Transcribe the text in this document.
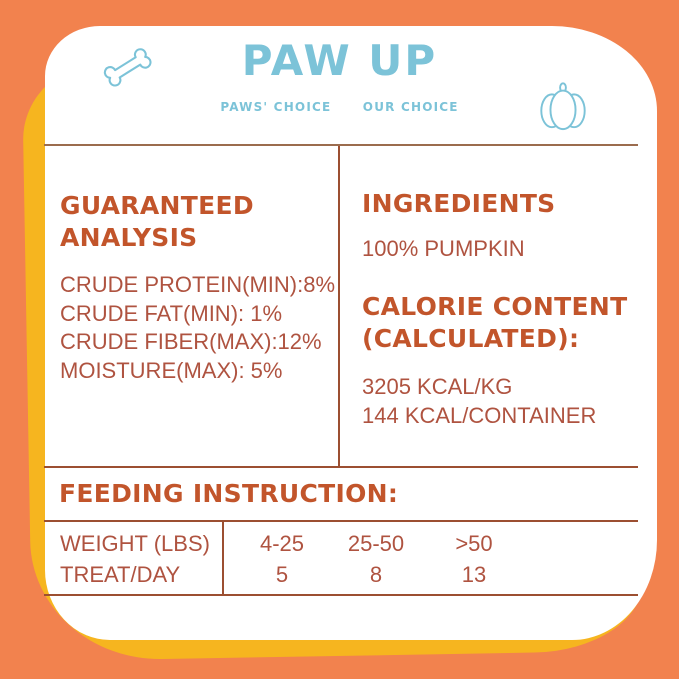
PAW UP
PAWS' CHOICE	OUR CHOICE
GUARANTEED
ANALYSIS
CRUDE PROTEIN(MIN):8%
CRUDE FAT(MIN): 1%
CRUDE FIBER(MAX):12%
MOISTURE(MAX): 5%
INGREDIENTS
100% PUMPKIN
CALORIE CONTENT
(CALCULATED):
3205 KCAL/KG
144 KCAL/CONTAINER
FEEDING INSTRUCTION:
WEIGHT (LBS)	4-25	25-50	>50
TREAT/DAY	5	8	13
